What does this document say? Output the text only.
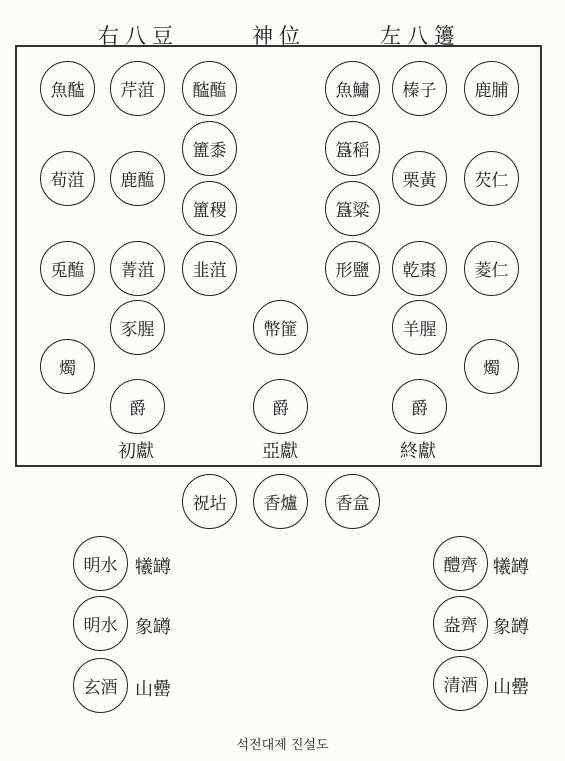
右八豆	神位	左八籩
魚醓	芹菹	醓醢	魚鱐	榛子	鹿脯
簠黍
簠稷
簋稻
簋粱
荀菹	鹿醢	栗黃	芡仁
兎醢	菁菹	韭菹	形鹽	乾棗	菱仁
豕腥	幣篚	羊腥
燭	燭
爵	爵	爵
初獻	亞獻	終獻
祝坫	香爐	香盒
明水 犧罇
明水 象罇
玄酒 山罍
醴齊 犧罇
盎齊 象罇
清酒 山罍
석전대제 진설도
